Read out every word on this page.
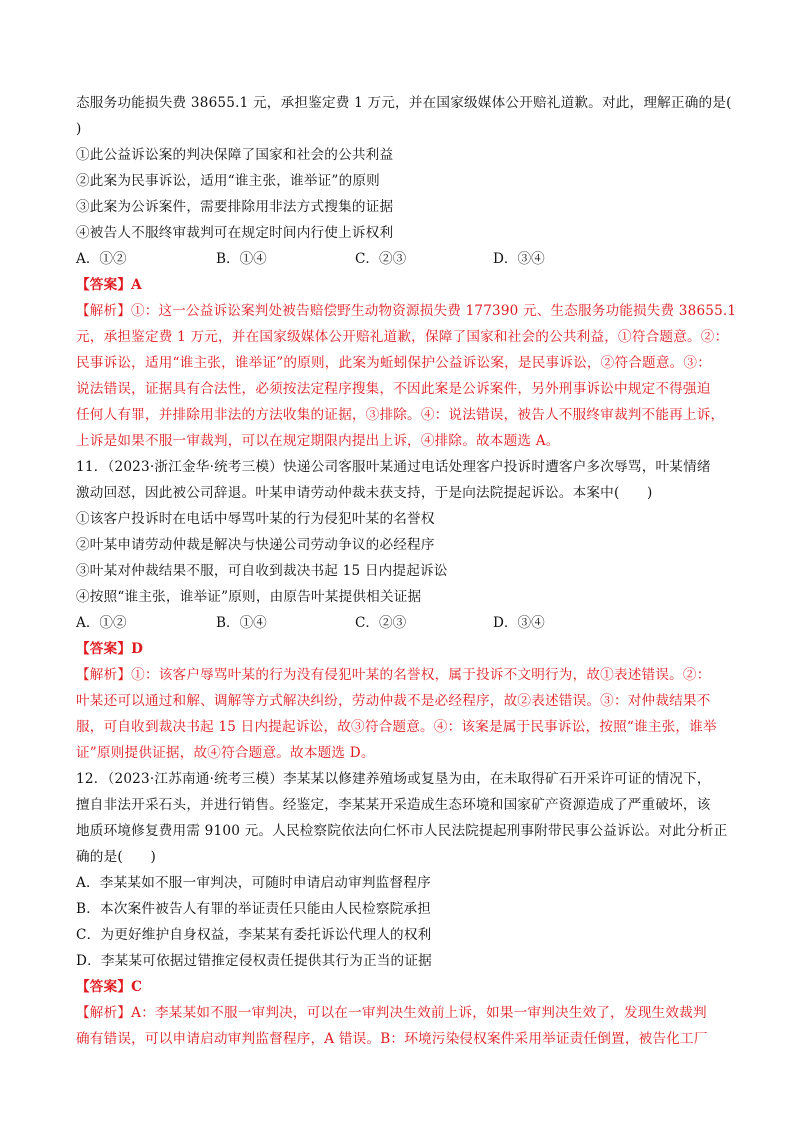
态服务功能损失费 38655.1 元，承担鉴定费 1 万元，并在国家级媒体公开赔礼道歉。对此，理解正确的是(
)
①此公益诉讼案的判决保障了国家和社会的公共利益
②此案为民事诉讼，适用“谁主张，谁举证”的原则
③此案为公诉案件，需要排除用非法方式搜集的证据
④被告人不服终审裁判可在规定时间内行使上诉权利
A．①②	B．①④	C．②③	D．③④
【答案】A
【解析】①：这一公益诉讼案判处被告赔偿野生动物资源损失费 177390 元、生态服务功能损失费 38655.1
元，承担鉴定费 1 万元，并在国家级媒体公开赔礼道歉，保障了国家和社会的公共利益，①符合题意。②：
民事诉讼，适用“谁主张，谁举证”的原则，此案为蚯蚓保护公益诉讼案，是民事诉讼，②符合题意。③：
说法错误，证据具有合法性，必须按法定程序搜集，不因此案是公诉案件，另外刑事诉讼中规定不得强迫
任何人有罪，并排除用非法的方法收集的证据，③排除。④：说法错误，被告人不服终审裁判不能再上诉，
上诉是如果不服一审裁判，可以在规定期限内提出上诉，④排除。故本题选 A。
11．（2023·浙江金华·统考三模）快递公司客服叶某通过电话处理客户投诉时遭客户多次辱骂，叶某情绪
激动回怼，因此被公司辞退。叶某申请劳动仲裁未获支持，于是向法院提起诉讼。本案中(　　)
①该客户投诉时在电话中辱骂叶某的行为侵犯叶某的名誉权
②叶某申请劳动仲裁是解决与快递公司劳动争议的必经程序
③叶某对仲裁结果不服，可自收到裁决书起 15 日内提起诉讼
④按照“谁主张，谁举证”原则，由原告叶某提供相关证据
A．①②	B．①④	C．②③	D．③④
【答案】D
【解析】①：该客户辱骂叶某的行为没有侵犯叶某的名誉权，属于投诉不文明行为，故①表述错误。②：
叶某还可以通过和解、调解等方式解决纠纷，劳动仲裁不是必经程序，故②表述错误。③：对仲裁结果不
服，可自收到裁决书起 15 日内提起诉讼，故③符合题意。④：该案是属于民事诉讼，按照“谁主张，谁举
证”原则提供证据，故④符合题意。故本题选 D。
12．（2023·江苏南通·统考三模）李某某以修建养殖场或复垦为由，在未取得矿石开采许可证的情况下，
擅自非法开采石头，并进行销售。经鉴定，李某某开采造成生态环境和国家矿产资源造成了严重破坏，该
地质环境修复费用需 9100 元。人民检察院依法向仁怀市人民法院提起刑事附带民事公益诉讼。对此分析正
确的是(　　)
A．李某某如不服一审判决，可随时申请启动审判监督程序
B．本次案件被告人有罪的举证责任只能由人民检察院承担
C．为更好维护自身权益，李某某有委托诉讼代理人的权利
D．李某某可依据过错推定侵权责任提供其行为正当的证据
【答案】C
【解析】A：李某某如不服一审判决，可以在一审判决生效前上诉，如果一审判决生效了，发现生效裁判
确有错误，可以申请启动审判监督程序，A 错误。B：环境污染侵权案件采用举证责任倒置，被告化工厂
